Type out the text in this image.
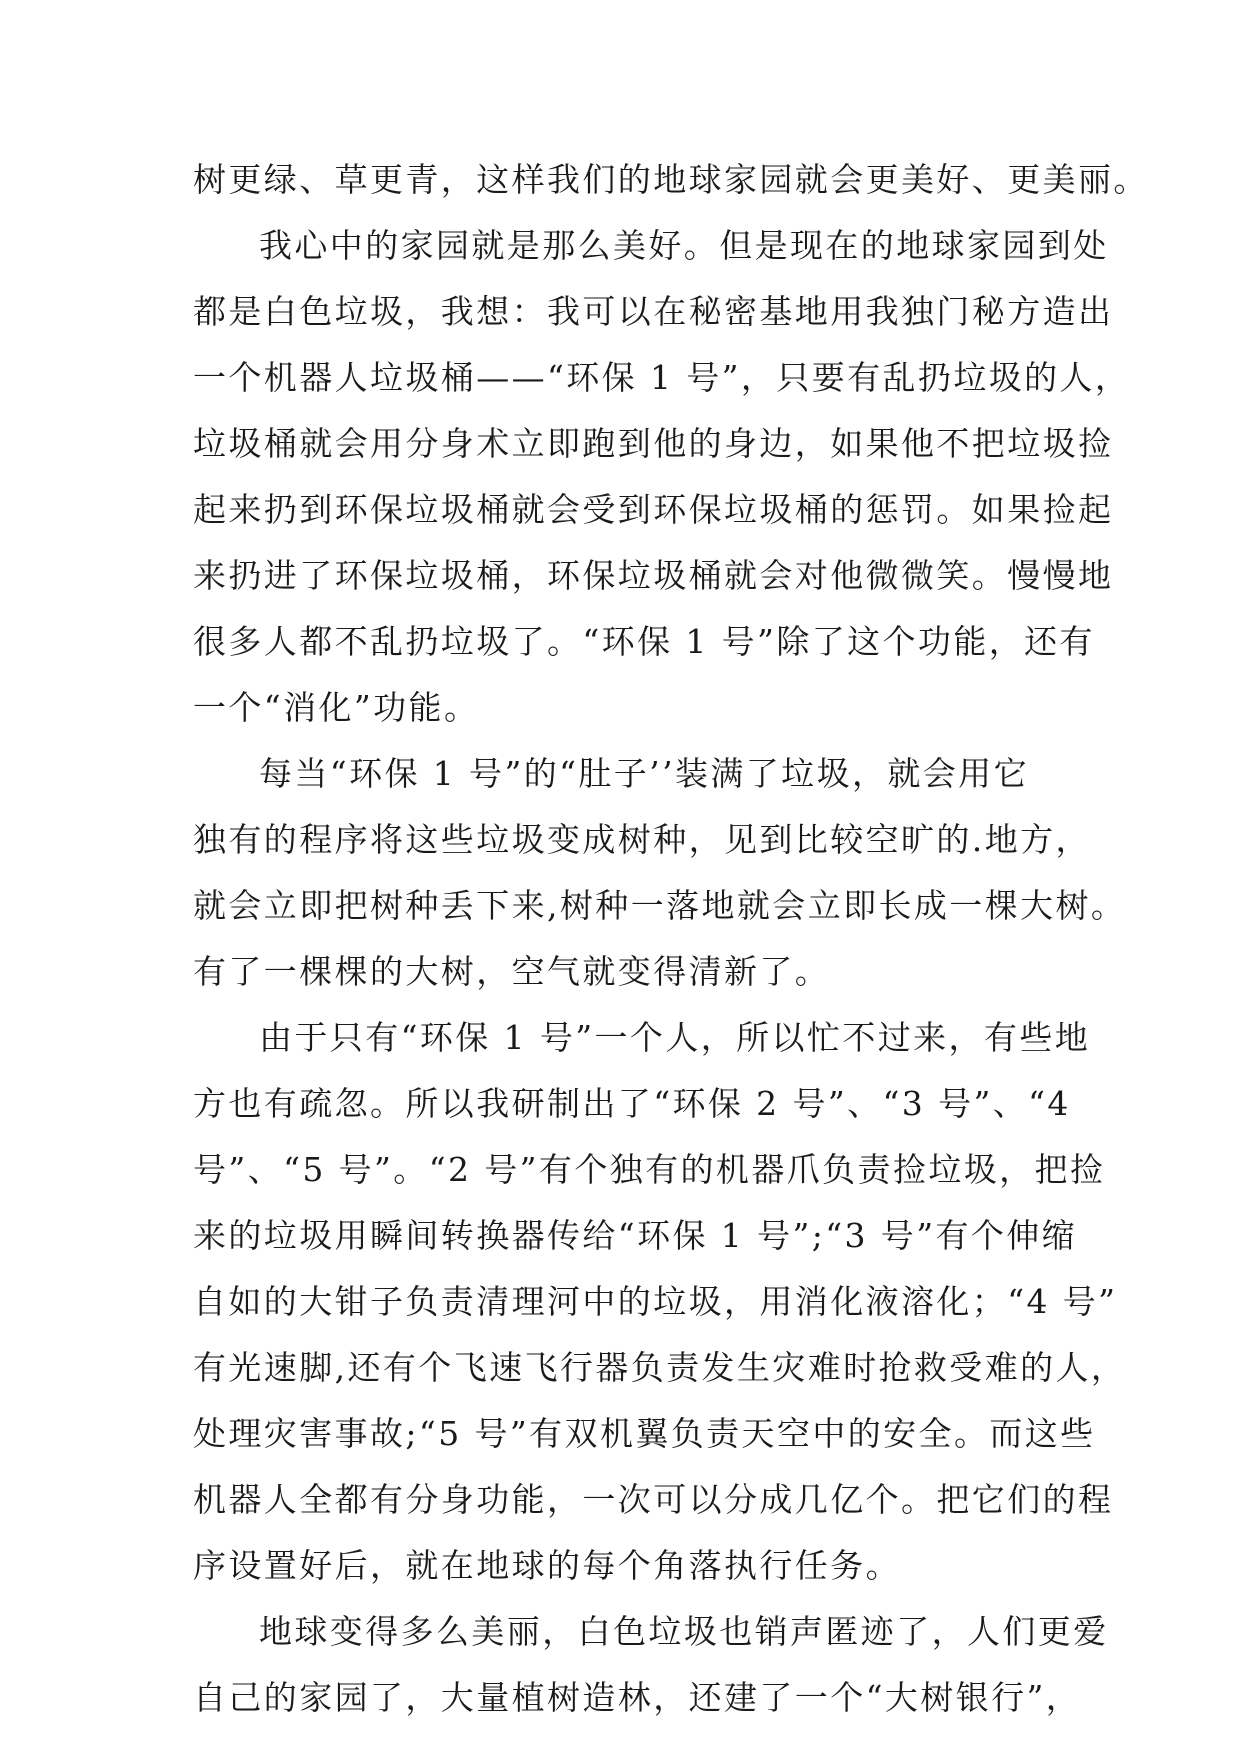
树更绿、草更青，这样我们的地球家园就会更美好、更美丽。
我心中的家园就是那么美好。但是现在的地球家园到处
都是白色垃圾，我想：我可以在秘密基地用我独门秘方造出
一个机器人垃圾桶——“环保 1 号”，只要有乱扔垃圾的人，
垃圾桶就会用分身术立即跑到他的身边，如果他不把垃圾捡
起来扔到环保垃圾桶就会受到环保垃圾桶的惩罚。如果捡起
来扔进了环保垃圾桶，环保垃圾桶就会对他微微笑。慢慢地
很多人都不乱扔垃圾了。“环保 1 号”除了这个功能，还有
一个“消化”功能。
每当“环保 1 号”的“肚子’’装满了垃圾，就会用它
独有的程序将这些垃圾变成树种，见到比较空旷的.地方，
就会立即把树种丢下来,树种一落地就会立即长成一棵大树。
有了一棵棵的大树，空气就变得清新了。
由于只有“环保 1 号”一个人，所以忙不过来，有些地
方也有疏忽。所以我研制出了“环保 2 号”、“3 号”、“4
号”、“5 号”。“2 号”有个独有的机器爪负责捡垃圾，把捡
来的垃圾用瞬间转换器传给“环保 1 号”;“3 号”有个伸缩
自如的大钳子负责清理河中的垃圾，用消化液溶化；“4 号”
有光速脚,还有个飞速飞行器负责发生灾难时抢救受难的人，
处理灾害事故;“5 号”有双机翼负责天空中的安全。而这些
机器人全都有分身功能，一次可以分成几亿个。把它们的程
序设置好后，就在地球的每个角落执行任务。
地球变得多么美丽，白色垃圾也销声匿迹了，人们更爱
自己的家园了，大量植树造林，还建了一个“大树银行”，
